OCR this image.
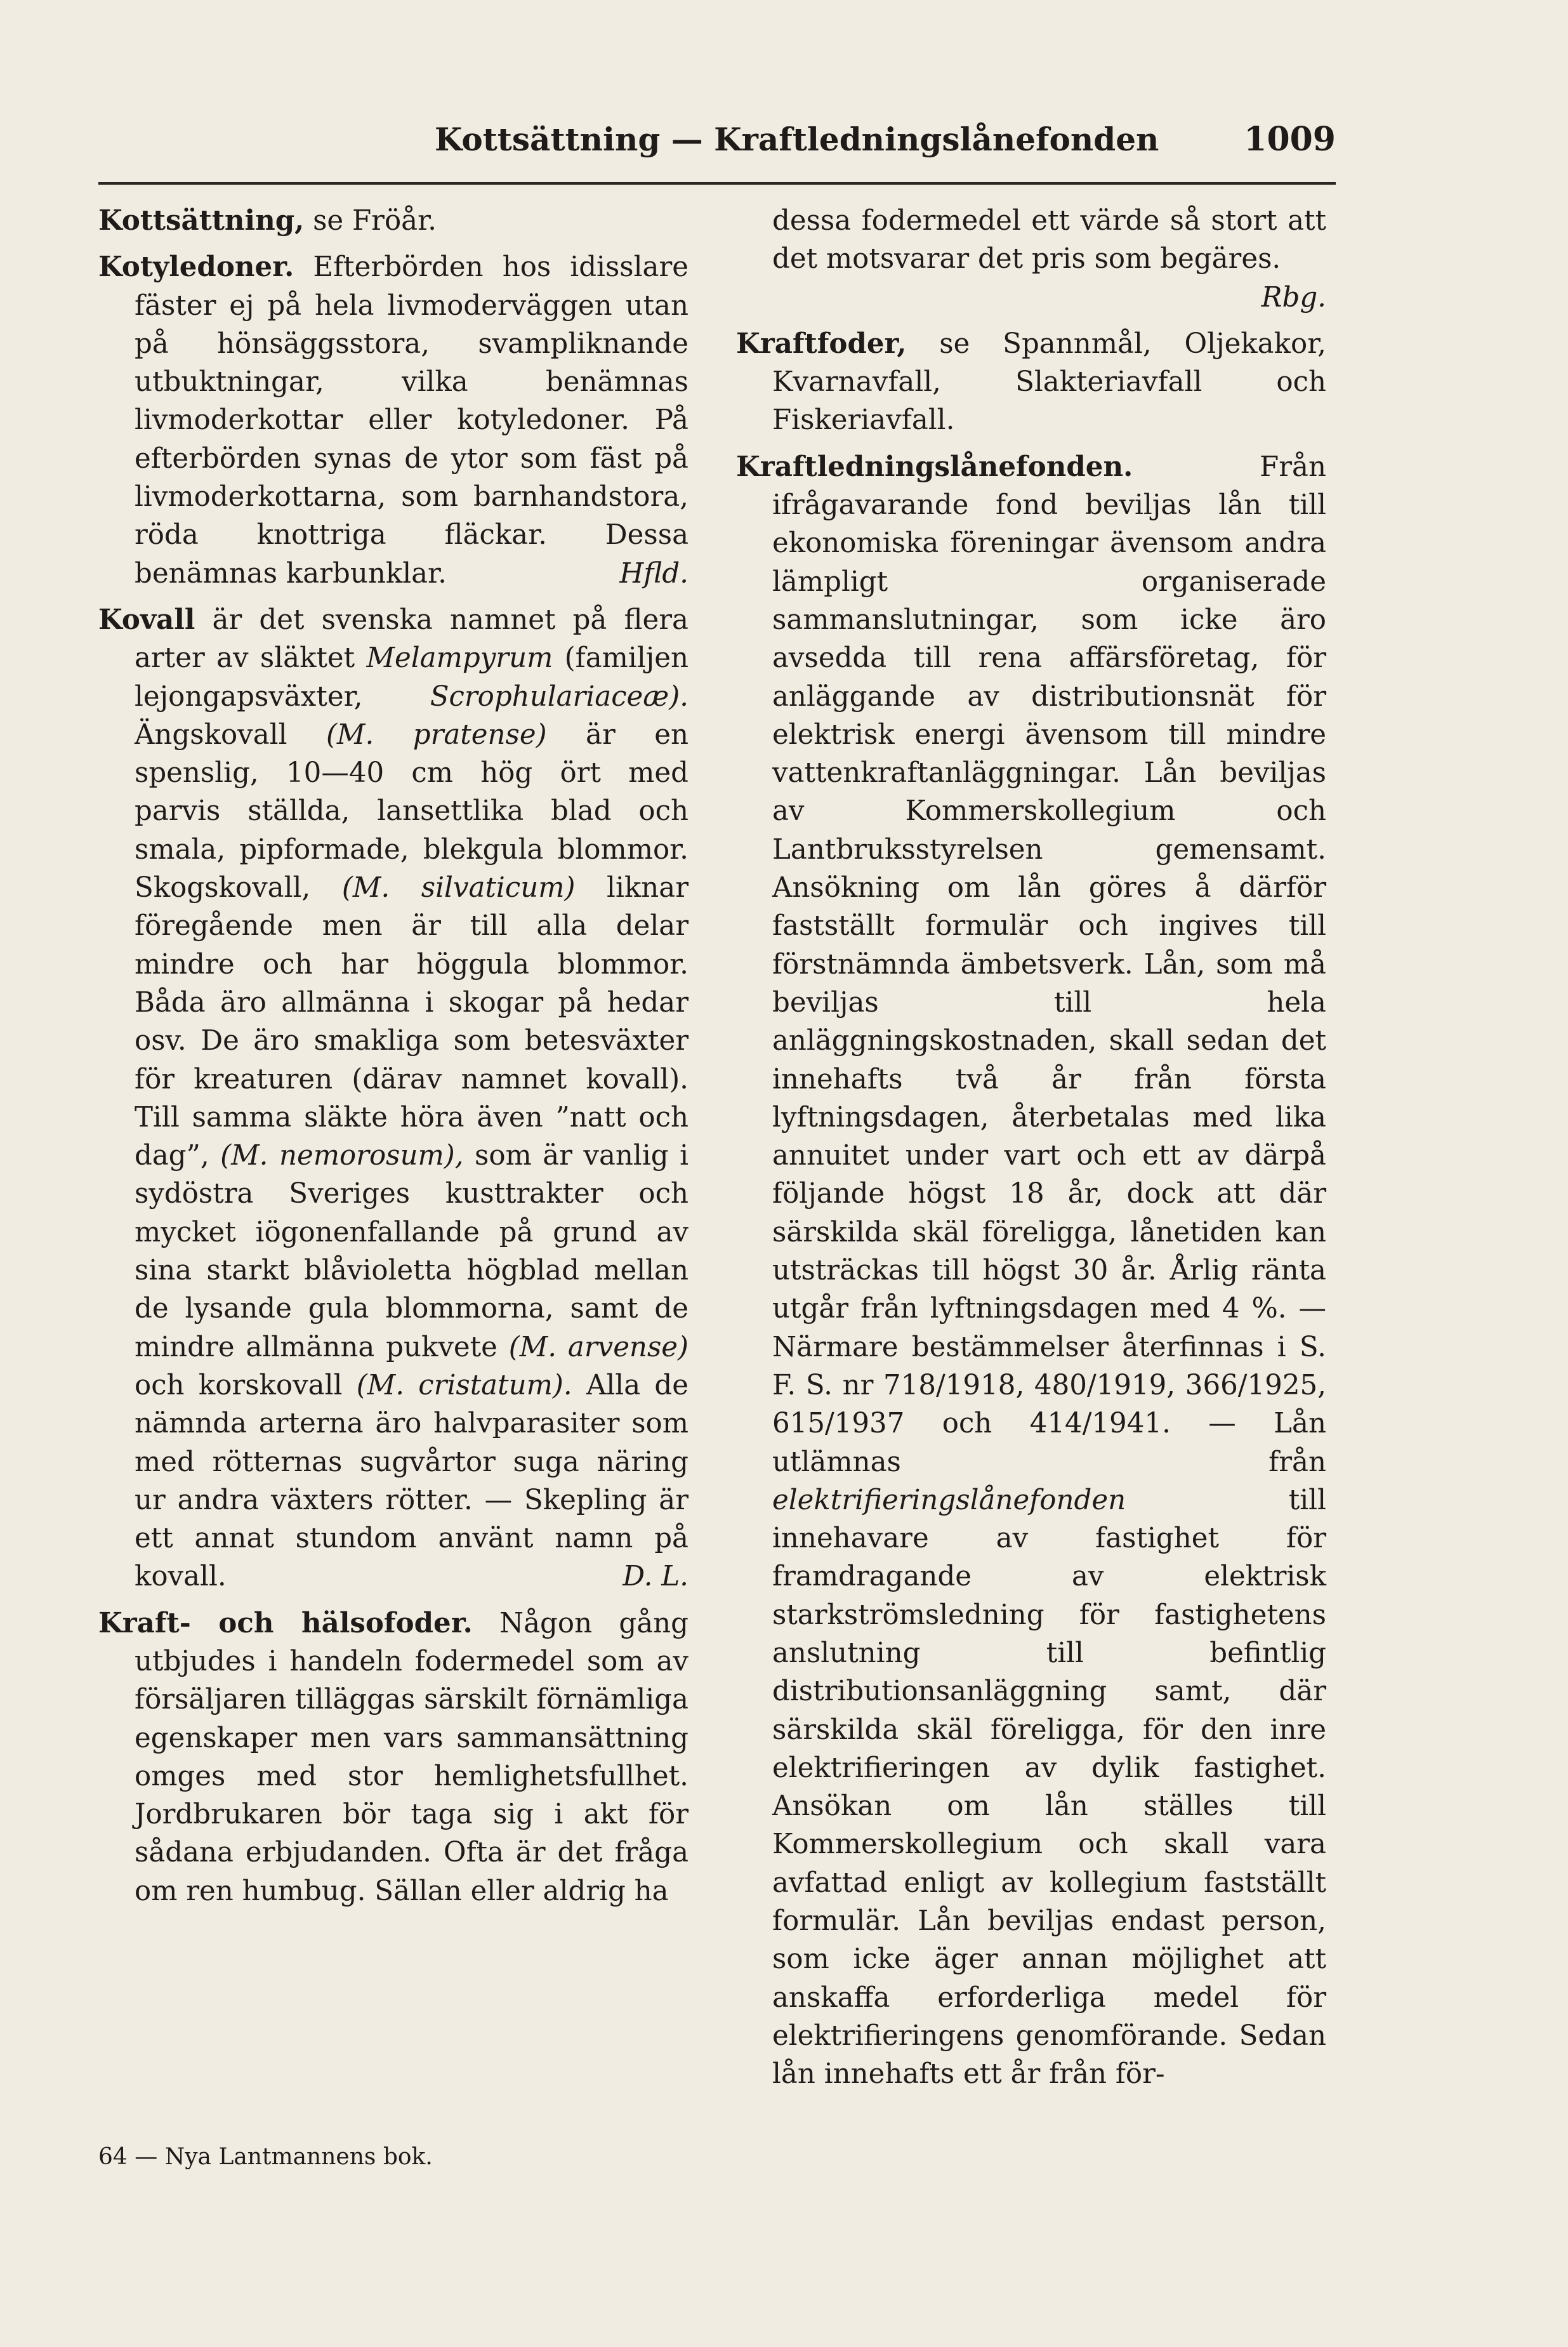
Kottsättning — Kraftledningslånefonden	1009

Kottsättning, se Fröår.

Kotyledoner. Efterbörden hos idisslare fäster ej på hela livmoderväggen utan på hönsäggsstora, svampliknande utbuktningar, vilka benämnas livmoderkottar eller kotyledoner. På efterbörden synas de ytor som fäst på livmoderkottarna, som barnhandstora, röda knottriga fläckar. Dessa benämnas karbunklar.	Hfld.

Kovall är det svenska namnet på flera arter av släktet Melampyrum (familjen lejongapsväxter, Scrophulariaceæ). Ängskovall (M. pratense) är en spenslig, 10—40 cm hög ört med parvis ställda, lansettlika blad och smala, pipformade, blekgula blommor. Skogskovall, (M. silvaticum) liknar föregående men är till alla delar mindre och har höggula blommor. Båda äro allmänna i skogar på hedar osv. De äro smakliga som betesväxter för kreaturen (därav namnet kovall). Till samma släkte höra även ”natt och dag”, (M. nemorosum), som är vanlig i sydöstra Sveriges kusttrakter och mycket iögonenfallande på grund av sina starkt blåvioletta högblad mellan de lysande gula blommorna, samt de mindre allmänna pukvete (M. arvense) och korskovall (M. cristatum). Alla de nämnda arterna äro halvparasiter som med rötternas sugvårtor suga näring ur andra växters rötter. — Skepling är ett annat stundom använt namn på kovall.	D. L.

Kraft- och hälsofoder. Någon gång utbjudes i handeln fodermedel som av försäljaren tilläggas särskilt förnämliga egenskaper men vars sammansättning omges med stor hemlighetsfullhet. Jordbrukaren bör taga sig i akt för sådana erbjudanden. Ofta är det fråga om ren humbug. Sällan eller aldrig ha

dessa fodermedel ett värde så stort att det motsvarar det pris som begäres.
Rbg.

Kraftfoder, se Spannmål, Oljekakor, Kvarnavfall, Slakteriavfall och Fiskeriavfall.

Kraftledningslånefonden. Från ifrågavarande fond beviljas lån till ekonomiska föreningar ävensom andra lämpligt organiserade sammanslutningar, som icke äro avsedda till rena affärsföretag, för anläggande av distributionsnät för elektrisk energi ävensom till mindre vattenkraftanläggningar. Lån beviljas av Kommerskollegium och Lantbruksstyrelsen gemensamt. Ansökning om lån göres å därför fastställt formulär och ingives till förstnämnda ämbetsverk. Lån, som må beviljas till hela anläggningskostnaden, skall sedan det innehafts två år från första lyftningsdagen, återbetalas med lika annuitet under vart och ett av därpå följande högst 18 år, dock att där särskilda skäl föreligga, lånetiden kan utsträckas till högst 30 år. Årlig ränta utgår från lyftningsdagen med 4 %. — Närmare bestämmelser återfinnas i S. F. S. nr 718/1918, 480/1919, 366/1925, 615/1937 och 414/1941. — Lån utlämnas från elektrifieringslånefonden till innehavare av fastighet för framdragande av elektrisk starkströmsledning för fastighetens anslutning till befintlig distributionsanläggning samt, där särskilda skäl föreligga, för den inre elektrifieringen av dylik fastighet. Ansökan om lån ställes till Kommerskollegium och skall vara avfattad enligt av kollegium fastställt formulär. Lån beviljas endast person, som icke äger annan möjlighet att anskaffa erforderliga medel för elektrifieringens genomförande. Sedan lån innehafts ett år från för-

64 — Nya Lantmannens bok.
